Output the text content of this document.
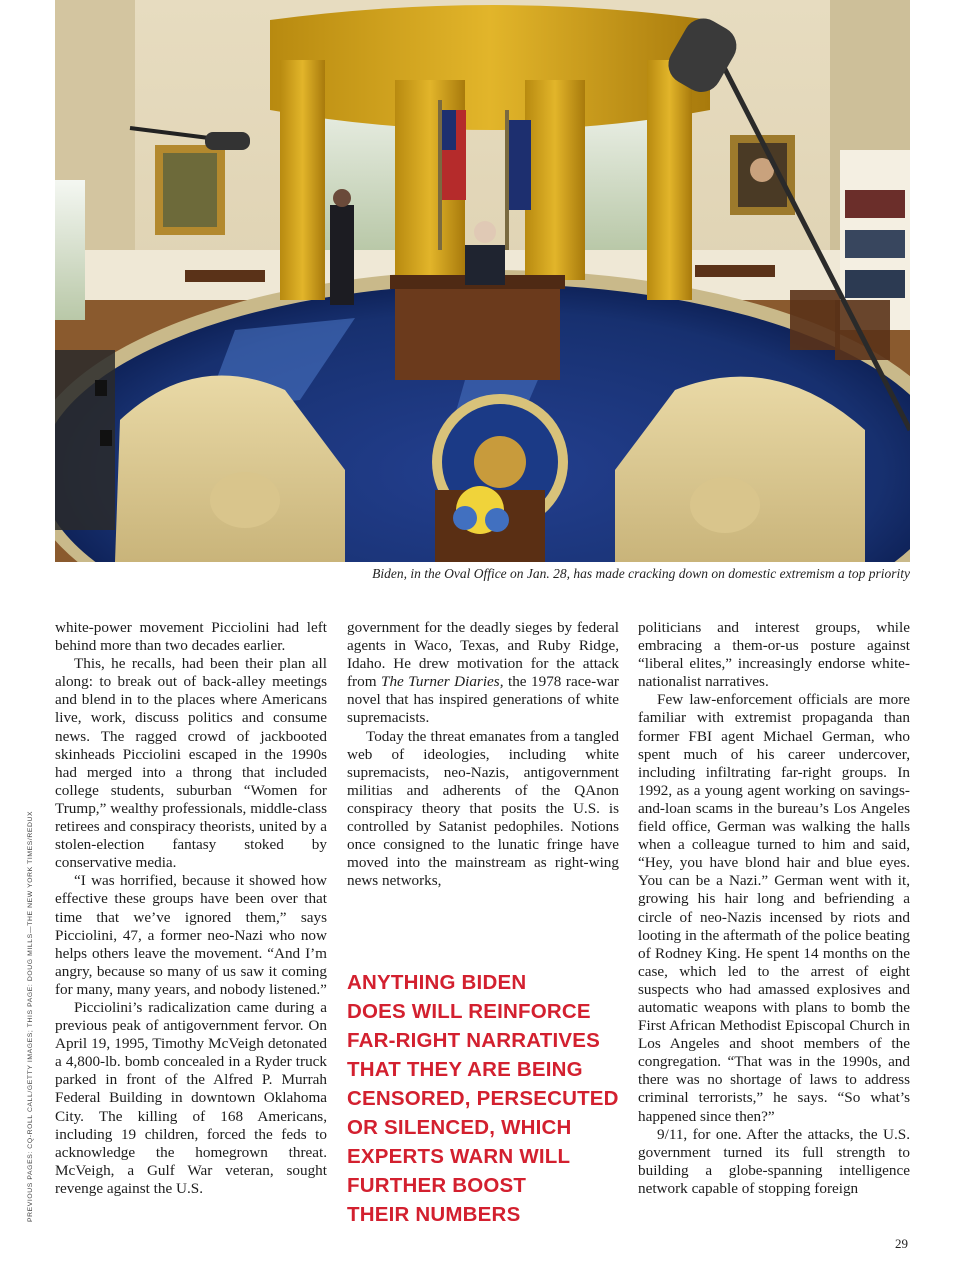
Biden, in the Oval Office on Jan. 28, has made cracking down on domestic extremism a top priority
PREVIOUS PAGES: CQ-ROLL CALL/GETTY IMAGES; THIS PAGE: DOUG MILLS—THE NEW YORK TIMES/REDUX

white-power movement Picciolini had left behind more than two decades earlier.

This, he recalls, had been their plan all along: to break out of back-alley meetings and blend in to the places where Americans live, work, discuss politics and consume news. The ragged crowd of jackbooted skinheads Picciolini escaped in the 1990s had merged into a throng that included college students, suburban “Women for Trump,” wealthy professionals, middle-class retirees and conspiracy theorists, united by a stolen-election fantasy stoked by conservative media.

“I was horrified, because it showed how effective these groups have been over that time that we’ve ignored them,” says Picciolini, 47, a former neo-Nazi who now helps others leave the movement. “And I’m angry, because so many of us saw it coming for many, many years, and nobody listened.”

Picciolini’s radicalization came during a previous peak of antigovernment fervor. On April 19, 1995, Timothy McVeigh detonated a 4,800-lb. bomb concealed in a Ryder truck parked in front of the Alfred P. Murrah Federal Building in downtown Oklahoma City. The killing of 168 Americans, including 19 children, forced the feds to acknowledge the homegrown threat. McVeigh, a Gulf War veteran, sought revenge against the U.S.

government for the deadly sieges by federal agents in Waco, Texas, and Ruby Ridge, Idaho. He drew motivation for the attack from The Turner Diaries, the 1978 race-war novel that has inspired generations of white supremacists.

Today the threat emanates from a tangled web of ideologies, including white supremacists, neo-Nazis, antigovernment militias and adherents of the QAnon conspiracy theory that posits the U.S. is controlled by Satanist pedophiles. Notions once consigned to the lunatic fringe have moved into the mainstream as right-wing news networks,

ANYTHING BIDEN
DOES WILL REINFORCE
FAR-RIGHT NARRATIVES
THAT THEY ARE BEING
CENSORED, PERSECUTED
OR SILENCED, WHICH
EXPERTS WARN WILL
FURTHER BOOST
THEIR NUMBERS

politicians and interest groups, while embracing a them-or-us posture against “liberal elites,” increasingly endorse white-nationalist narratives.

Few law-enforcement officials are more familiar with extremist propaganda than former FBI agent Michael German, who spent much of his career undercover, including infiltrating far-right groups. In 1992, as a young agent working on savings-and-loan scams in the bureau’s Los Angeles field office, German was walking the halls when a colleague turned to him and said, “Hey, you have blond hair and blue eyes. You can be a Nazi.” German went with it, growing his hair long and befriending a circle of neo-Nazis incensed by riots and looting in the aftermath of the police beating of Rodney King. He spent 14 months on the case, which led to the arrest of eight suspects who had amassed explosives and automatic weapons with plans to bomb the First African Methodist Episcopal Church in Los Angeles and shoot members of the congregation. “That was in the 1990s, and there was no shortage of laws to address criminal terrorists,” he says. “So what’s happened since then?”

9/11, for one. After the attacks, the U.S. government turned its full strength to building a globe-spanning intelligence network capable of stopping foreign

29
